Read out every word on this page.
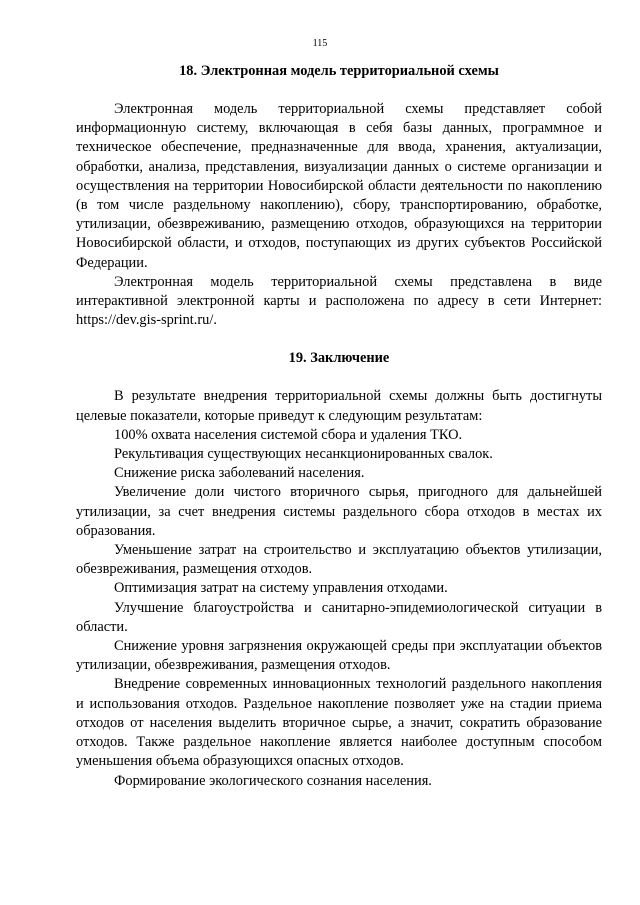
115
18. Электронная модель территориальной схемы

Электронная модель территориальной схемы представляет собой информационную систему, включающая в себя базы данных, программное и техническое обеспечение, предназначенные для ввода, хранения, актуализации, обработки, анализа, представления, визуализации данных о системе организации и осуществления на территории Новосибирской области деятельности по накоплению (в том числе раздельному накоплению), сбору, транспортированию, обработке, утилизации, обезвреживанию, размещению отходов, образующихся на территории Новосибирской области, и отходов, поступающих из других субъектов Российской Федерации.

Электронная модель территориальной схемы представлена в виде интерактивной электронной карты и расположена по адресу в сети Интернет: https://dev.gis-sprint.ru/.

19. Заключение

В результате внедрения территориальной схемы должны быть достигнуты целевые показатели, которые приведут к следующим результатам:

100% охвата населения системой сбора и удаления ТКО.

Рекультивация существующих несанкционированных свалок.

Снижение риска заболеваний населения.

Увеличение доли чистого вторичного сырья, пригодного для дальнейшей утилизации, за счет внедрения системы раздельного сбора отходов в местах их образования.

Уменьшение затрат на строительство и эксплуатацию объектов утилизации, обезвреживания, размещения отходов.

Оптимизация затрат на систему управления отходами.

Улучшение благоустройства и санитарно-эпидемиологической ситуации в области.

Снижение уровня загрязнения окружающей среды при эксплуатации объектов утилизации, обезвреживания, размещения отходов.

Внедрение современных инновационных технологий раздельного накопления и использования отходов. Раздельное накопление позволяет уже на стадии приема отходов от населения выделить вторичное сырье, а значит, сократить образование отходов. Также раздельное накопление является наиболее доступным способом уменьшения объема образующихся опасных отходов.

Формирование экологического сознания населения.
